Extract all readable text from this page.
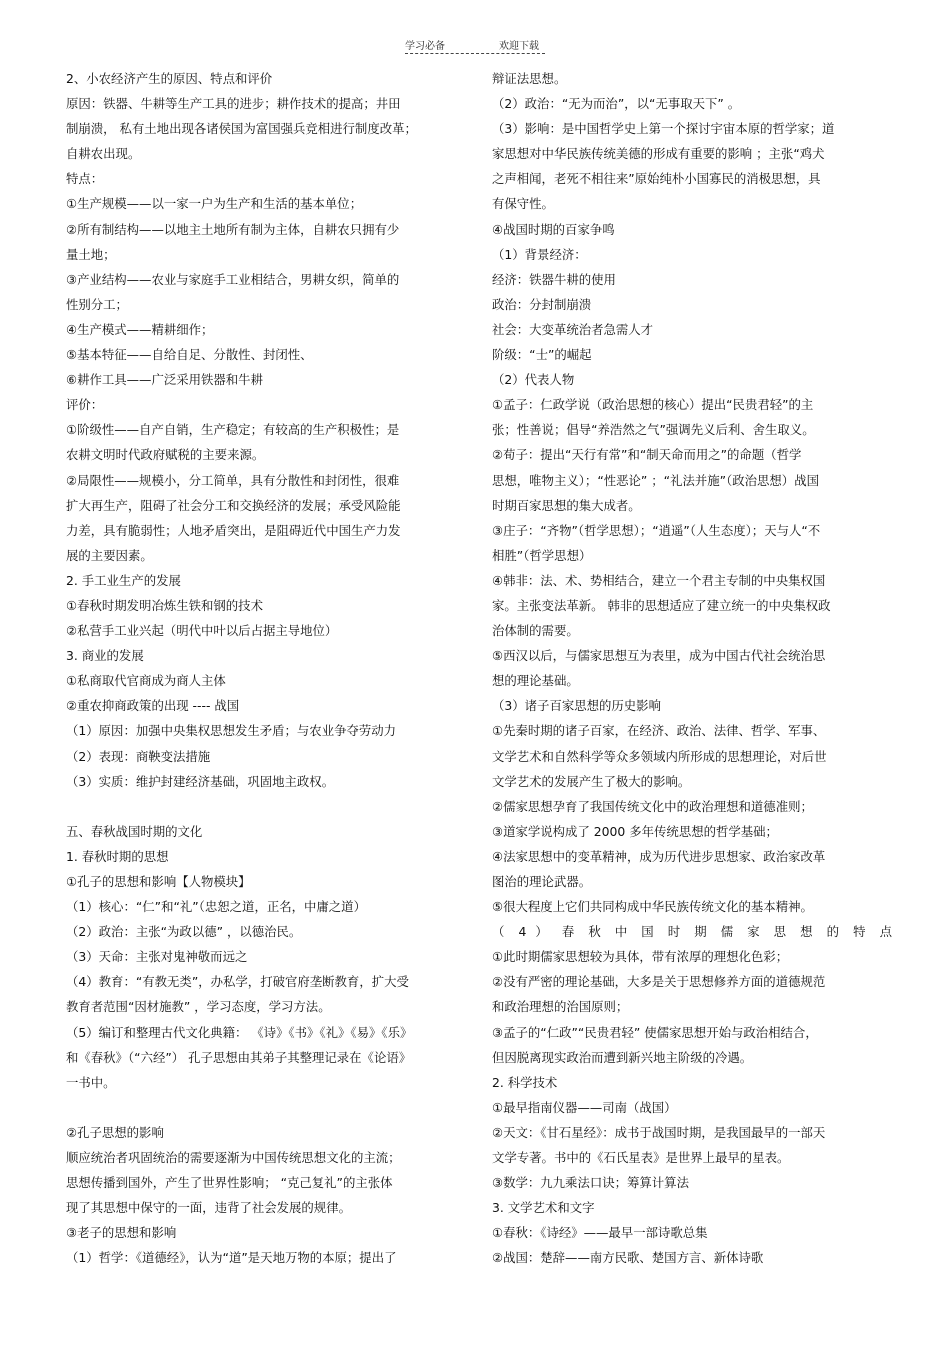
学习必备	欢迎下载
2、小农经济产生的原因、特点和评价
原因：铁器、牛耕等生产工具的进步；耕作技术的提高；井田
制崩溃， 私有土地出现各诸侯国为富国强兵竞相进行制度改革；
自耕农出现。
特点：
①生产规模——以一家一户为生产和生活的基本单位；
②所有制结构——以地主土地所有制为主体，自耕农只拥有少
量土地；
③产业结构——农业与家庭手工业相结合，男耕女织，简单的
性别分工；
④生产模式——精耕细作；
⑤基本特征——自给自足、分散性、封闭性、
⑥耕作工具——广泛采用铁器和牛耕
评价：
①阶级性——自产自销，生产稳定；有较高的生产积极性；是
农耕文明时代政府赋税的主要来源。
②局限性——规模小，分工简单，具有分散性和封闭性，很难
扩大再生产，阻碍了社会分工和交换经济的发展；承受风险能
力差，具有脆弱性；人地矛盾突出，是阻碍近代中国生产力发
展的主要因素。
2. 手工业生产的发展
①春秋时期发明冶炼生铁和钢的技术
②私营手工业兴起（明代中叶以后占据主导地位）
3. 商业的发展
①私商取代官商成为商人主体
②重农抑商政策的出现 ---- 战国
（1）原因：加强中央集权思想发生矛盾；与农业争夺劳动力
（2）表现：商鞅变法措施
（3）实质：维护封建经济基础，巩固地主政权。
五、春秋战国时期的文化
1. 春秋时期的思想
①孔子的思想和影响【人物模块】
（1）核心：“仁”和“礼”（忠恕之道，正名，中庸之道）
（2）政治：主张“为政以德” ，以德治民。
（3）天命：主张对鬼神敬而远之
（4）教育：“有教无类”，办私学，打破官府垄断教育，扩大受
教育者范围“因材施教” ，学习态度，学习方法。
（5）编订和整理古代文化典籍： 《诗》《书》《礼》《易》《乐》
和《春秋》（“六经”） 孔子思想由其弟子其整理记录在《论语》
一书中。
②孔子思想的影响
顺应统治者巩固统治的需要逐渐为中国传统思想文化的主流；
思想传播到国外，产生了世界性影响； “克己复礼”的主张体
现了其思想中保守的一面，违背了社会发展的规律。
③老子的思想和影响
（1）哲学：《道德经》，认为“道”是天地万物的本原；提出了
辩证法思想。
（2）政治：“无为而治”，以“无事取天下” 。
（3）影响：是中国哲学史上第一个探讨宇宙本原的哲学家；道
家思想对中华民族传统美德的形成有重要的影响 ；主张“鸡犬
之声相闻，老死不相往来”原始纯朴小国寡民的消极思想，具
有保守性。
④战国时期的百家争鸣
（1）背景经济：
经济：铁器牛耕的使用
政治：分封制崩溃
社会：大变革统治者急需人才
阶级：“士”的崛起
（2）代表人物
①孟子：仁政学说（政治思想的核心）提出“民贵君轻”的主
张；性善说；倡导“养浩然之气”强调先义后利、舍生取义。
②荀子：提出“天行有常”和“制天命而用之”的命题（哲学
思想，唯物主义）；“性恶论” ；“礼法并施”（政治思想）战国
时期百家思想的集大成者。
③庄子：“齐物”（哲学思想）；“逍遥”（人生态度）；天与人“不
相胜”（哲学思想）
④韩非：法、术、势相结合，建立一个君主专制的中央集权国
家。主张变法革新。 韩非的思想适应了建立统一的中央集权政
治体制的需要。
⑤西汉以后，与儒家思想互为表里，成为中国古代社会统治思
想的理论基础。
（3）诸子百家思想的历史影响
①先秦时期的诸子百家，在经济、政治、法律、哲学、军事、
文学艺术和自然科学等众多领域内所形成的思想理论，对后世
文学艺术的发展产生了极大的影响。
②儒家思想孕育了我国传统文化中的政治理想和道德准则；
③道家学说构成了 2000 多年传统思想的哲学基础；
④法家思想中的变革精神，成为历代进步思想家、政治家改革
图治的理论武器。
⑤很大程度上它们共同构成中华民族传统文化的基本精神。
（ 4 ） 春 秋 中 国 时 期 儒 家 思 想 的 特 点
①此时期儒家思想较为具体，带有浓厚的理想化色彩；
②没有严密的理论基础，大多是关于思想修养方面的道德规范
和政治理想的治国原则；
③孟子的“仁政”“民贵君轻” 使儒家思想开始与政治相结合，
但因脱离现实政治而遭到新兴地主阶级的冷遇。
2. 科学技术
①最早指南仪器——司南（战国）
②天文：《甘石星经》：成书于战国时期，是我国最早的一部天
文学专著。书中的《石氏星表》是世界上最早的星表。
③数学：九九乘法口诀；筹算计算法
3. 文学艺术和文字
①春秋：《诗经》——最早一部诗歌总集
②战国：楚辞——南方民歌、楚国方言、新体诗歌
